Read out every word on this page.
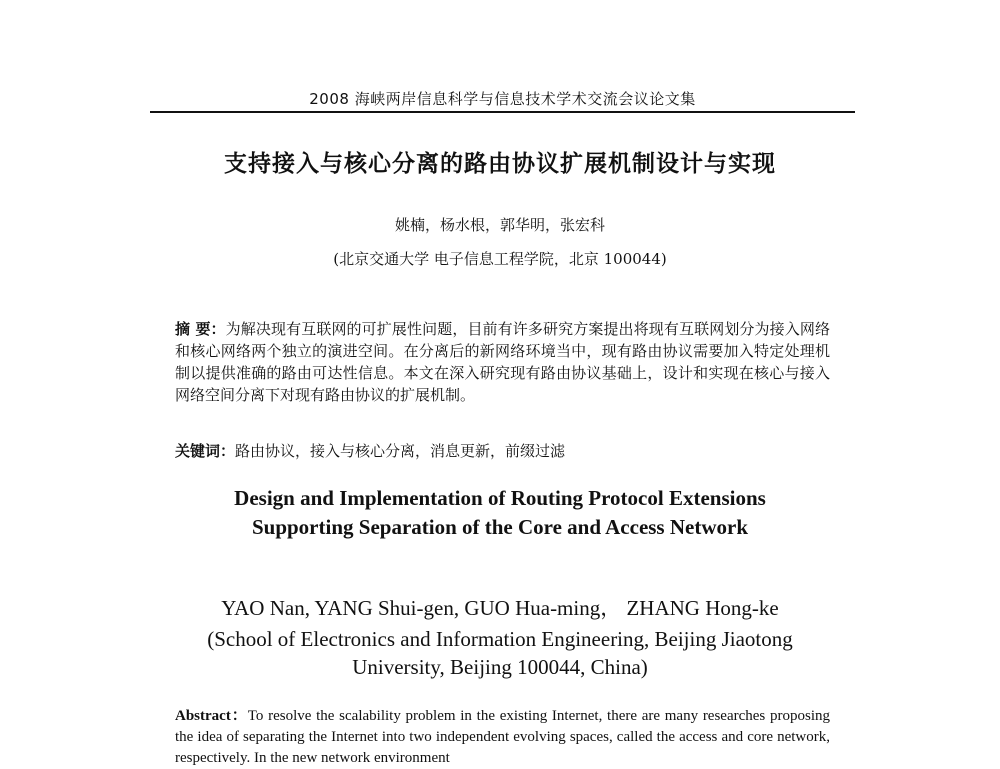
2008 海峡两岸信息科学与信息技术学术交流会议论文集
支持接入与核心分离的路由协议扩展机制设计与实现
姚楠，杨水根，郭华明，张宏科
(北京交通大学 电子信息工程学院，北京 100044)
摘 要：为解决现有互联网的可扩展性问题，目前有许多研究方案提出将现有互联网划分为接入网络和核心网络两个独立的演进空间。在分离后的新网络环境当中，现有路由协议需要加入特定处理机制以提供准确的路由可达性信息。本文在深入研究现有路由协议基础上，设计和实现在核心与接入网络空间分离下对现有路由协议的扩展机制。
关键词：路由协议，接入与核心分离，消息更新，前缀过滤
Design and Implementation of Routing Protocol Extensions
Supporting Separation of the Core and Access Network
YAO Nan, YANG Shui-gen, GUO Hua-ming， ZHANG Hong-ke
(School of Electronics and Information Engineering, Beijing Jiaotong
University, Beijing 100044, China)
Abstract：To resolve the scalability problem in the existing Internet, there are many researches proposing the idea of separating the Internet into two independent evolving spaces, called the access and core network, respectively. In the new network environment
